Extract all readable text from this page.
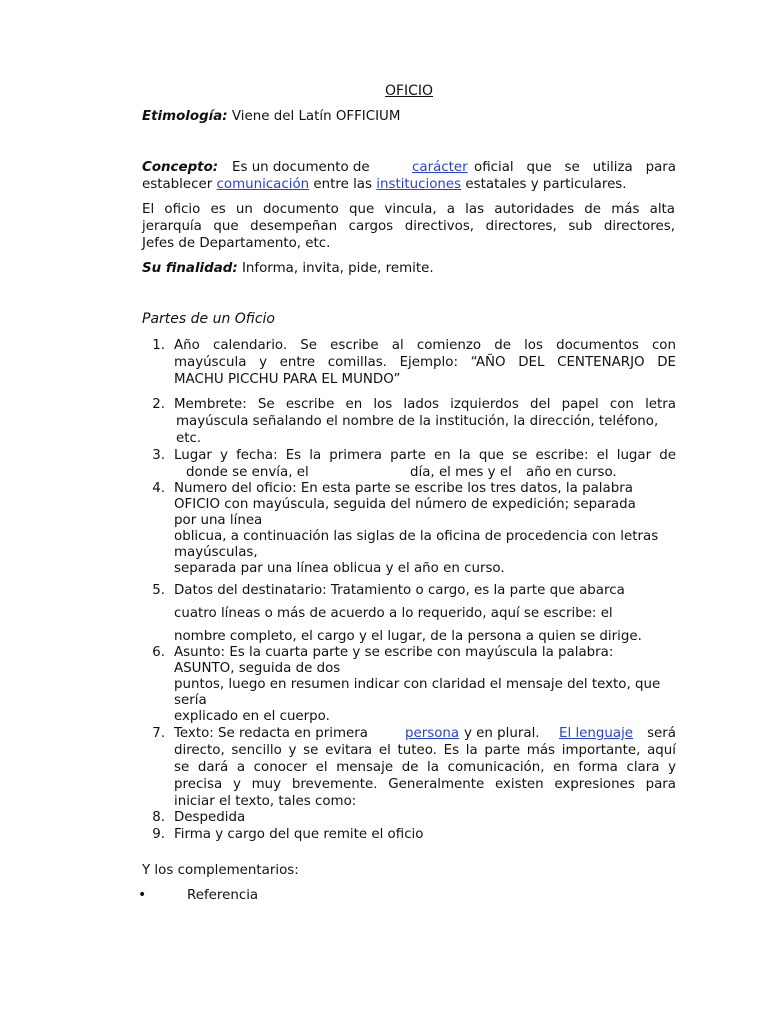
OFICIO
Etimología: Viene del Latín OFFICIUM
Concepto: Es un documento de	carácter oficial que se utiliza para
establecer comunicación entre las instituciones estatales y particulares.
El oficio es un documento que vincula, a las autoridades de más alta
jerarquía que desempeñan cargos directivos, directores, sub directores,
Jefes de Departamento, etc.
Su finalidad: Informa, invita, pide, remite.
Partes de un Oficio
1. Año calendario. Se escribe al comienzo de los documentos con
mayúscula y entre comillas. Ejemplo: “AÑO DEL CENTENARJO DE
MACHU PICCHU PARA EL MUNDO”
2. Membrete: Se escribe en los lados izquierdos del papel con letra
mayúscula señalando el nombre de la institución, la dirección, teléfono,
etc.
3. Lugar y fecha: Es la primera parte en la que se escribe: el lugar de
donde se envía, el	día, el mes y el año en curso.
4. Numero del oficio: En esta parte se escribe los tres datos, la palabra
OFICIO con mayúscula, seguida del número de expedición; separada
por una línea
oblicua, a continuación las siglas de la oficina de procedencia con letras
mayúsculas,
separada par una línea oblicua y el año en curso.
5. Datos del destinatario: Tratamiento o cargo, es la parte que abarca
cuatro líneas o más de acuerdo a lo requerido, aquí se escribe: el
nombre completo, el cargo y el lugar, de la persona a quien se dirige.
6. Asunto: Es la cuarta parte y se escribe con mayúscula la palabra:
ASUNTO, seguida de dos
puntos, luego en resumen indicar con claridad el mensaje del texto, que
sería
explicado en el cuerpo.
7. Texto: Se redacta en primera	persona y en plural. El lenguaje será
directo, sencillo y se evitara el tuteo. Es la parte más importante, aquí
se dará a conocer el mensaje de la comunicación, en forma clara y
precisa y muy brevemente. Generalmente existen expresiones para
iniciar el texto, tales como:
8. Despedida
9. Firma y cargo del que remite el oficio
Y los complementarios:
•	Referencia
